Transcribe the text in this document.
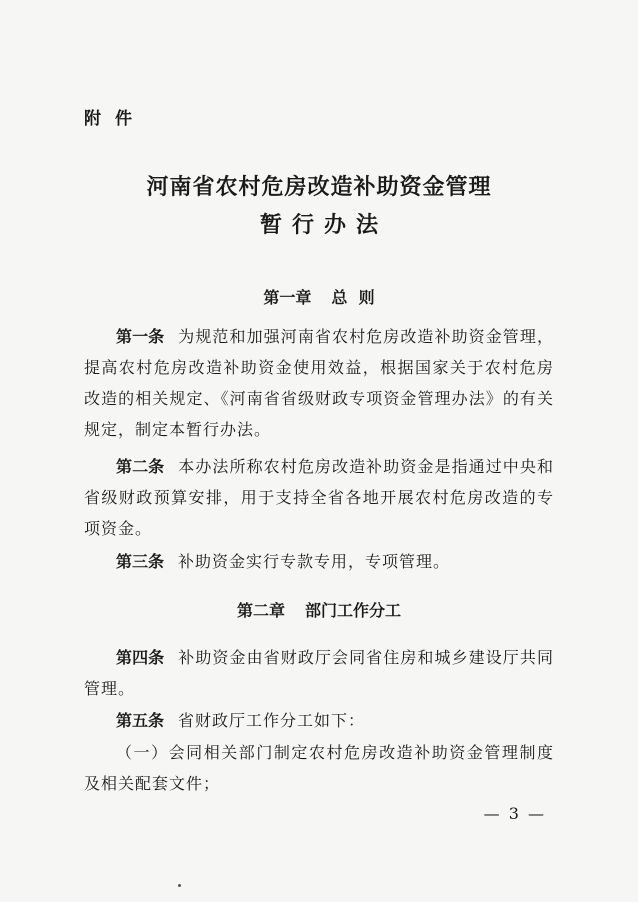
附件
河南省农村危房改造补助资金管理
暂行办法
第一章 总  则
第一条 为规范和加强河南省农村危房改造补助资金管理，提高农村危房改造补助资金使用效益，根据国家关于农村危房改造的相关规定、《河南省省级财政专项资金管理办法》的有关规定，制定本暂行办法。
第二条 本办法所称农村危房改造补助资金是指通过中央和省级财政预算安排，用于支持全省各地开展农村危房改造的专项资金。
第三条 补助资金实行专款专用，专项管理。
第二章 部门工作分工
第四条 补助资金由省财政厅会同省住房和城乡建设厅共同管理。
第五条 省财政厅工作分工如下：
（一）会同相关部门制定农村危房改造补助资金管理制度及相关配套文件；
— 3 —
